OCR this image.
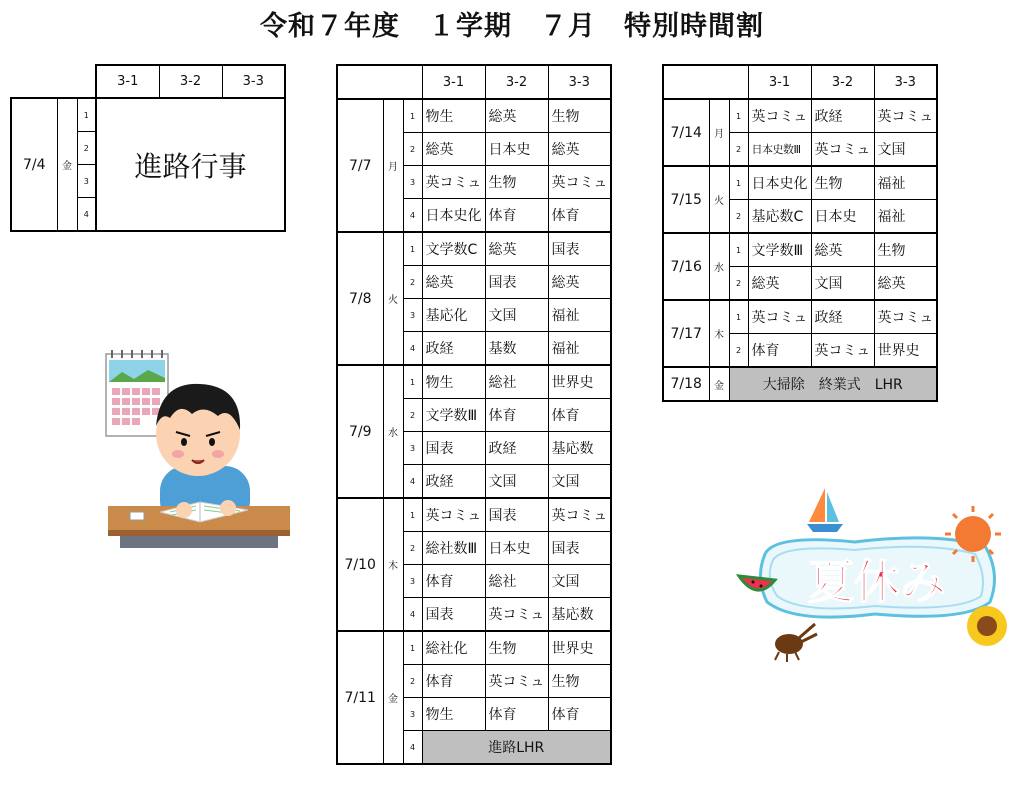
令和７年度　１学期　７月　特別時間割
			3-1	3-2	3-3
7/4	金	1	進路行事		
		2			
		3			
		4			
			3-1	3-2	3-3
7/7	月	1	物生	総英	生物
		2	総英	日本史	総英
		3	英コミュ	生物	英コミュ
		4	日本史化	体育	体育
7/8	火	1	文学数C	総英	国表
		2	総英	国表	総英
		3	基応化	文国	福祉
		4	政経	基数	福祉
7/9	水	1	物生	総社	世界史
		2	文学数Ⅲ	体育	体育
		3	国表	政経	基応数
		4	政経	文国	文国
7/10	木	1	英コミュ	国表	英コミュ
		2	総社数Ⅲ	日本史	国表
		3	体育	総社	文国
		4	国表	英コミュ	基応数
7/11	金	1	総社化	生物	世界史
		2	体育	英コミュ	生物
		3	物生	体育	体育
		4	進路LHR		
			3-1	3-2	3-3
7/14	月	1	英コミュ	政経	英コミュ
		2	日本史数Ⅲ	英コミュ	文国
7/15	火	1	日本史化	生物	福祉
		2	基応数C	日本史	福祉
7/16	水	1	文学数Ⅲ	総英	生物
		2	総英	文国	総英
7/17	木	1	英コミュ	政経	英コミュ
		2	体育	英コミュ	世界史
7/18	金	大掃除　終業式　LHR			
夏休み
